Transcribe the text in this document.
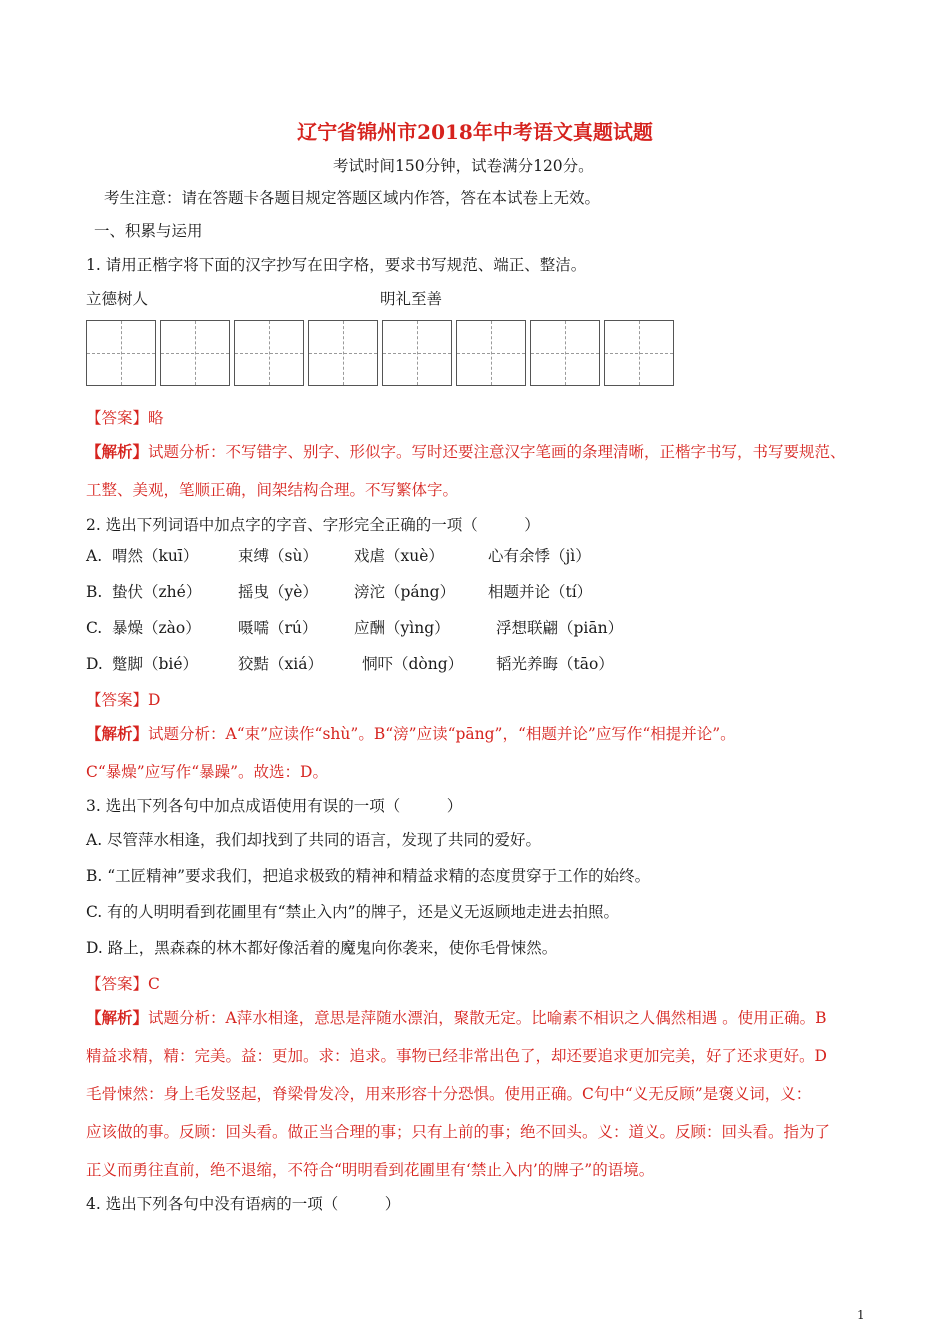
辽宁省锦州市2018年中考语文真题试题
考试时间150分钟，试卷满分120分。
考生注意：请在答题卡各题目规定答题区域内作答，答在本试卷上无效。
一、积累与运用
1. 请用正楷字将下面的汉字抄写在田字格，要求书写规范、端正、整洁。
立德树人	明礼至善
【答案】略
【解析】试题分析：不写错字、别字、形似字。写时还要注意汉字笔画的条理清晰，正楷字书写，书写要规范、
工整、美观，笔顺正确，间架结构合理。不写繁体字。
2. 选出下列词语中加点字的字音、字形完全正确的一项（　　　）
A. 喟然（kuī）	束缚（sù） 戏虐（xuè）	心有余悸（jì）
B. 蛰伏（zhé） 摇曳（yè） 滂沱（páng） 相题并论（tí）
C. 暴燥（zào） 嗫嚅（rú） 应酬（yìng）	浮想联翩（piān）
D. 蹩脚（bié）	狡黠（xiá）	恫吓（dòng） 韬光养晦（tāo）
【答案】D
【解析】试题分析：A“束”应读作“shù”。B“滂”应读“pāng”，“相题并论”应写作“相提并论”。
C“暴燥”应写作“暴躁”。故选：D。
3. 选出下列各句中加点成语使用有误的一项（　　　）
A. 尽管萍水相逢，我们却找到了共同的语言，发现了共同的爱好。
B. “工匠精神”要求我们，把追求极致的精神和精益求精的态度贯穿于工作的始终。
C. 有的人明明看到花圃里有“禁止入内”的牌子，还是义无返顾地走进去拍照。
D. 路上，黑森森的林木都好像活着的魔鬼向你袭来，使你毛骨悚然。
【答案】C
【解析】试题分析：A萍水相逢，意思是萍随水漂泊，聚散无定。比喻素不相识之人偶然相遇 。使用正确。B
精益求精，精：完美。益：更加。求：追求。事物已经非常出色了，却还要追求更加完美，好了还求更好。D
毛骨悚然：身上毛发竖起，脊梁骨发冷，用来形容十分恐惧。使用正确。C句中“义无反顾”是褒义词，义：
应该做的事。反顾：回头看。做正当合理的事；只有上前的事；绝不回头。义：道义。反顾：回头看。指为了
正义而勇往直前，绝不退缩，不符合“明明看到花圃里有‘禁止入内’的牌子”的语境。
4. 选出下列各句中没有语病的一项（　　　）
1
